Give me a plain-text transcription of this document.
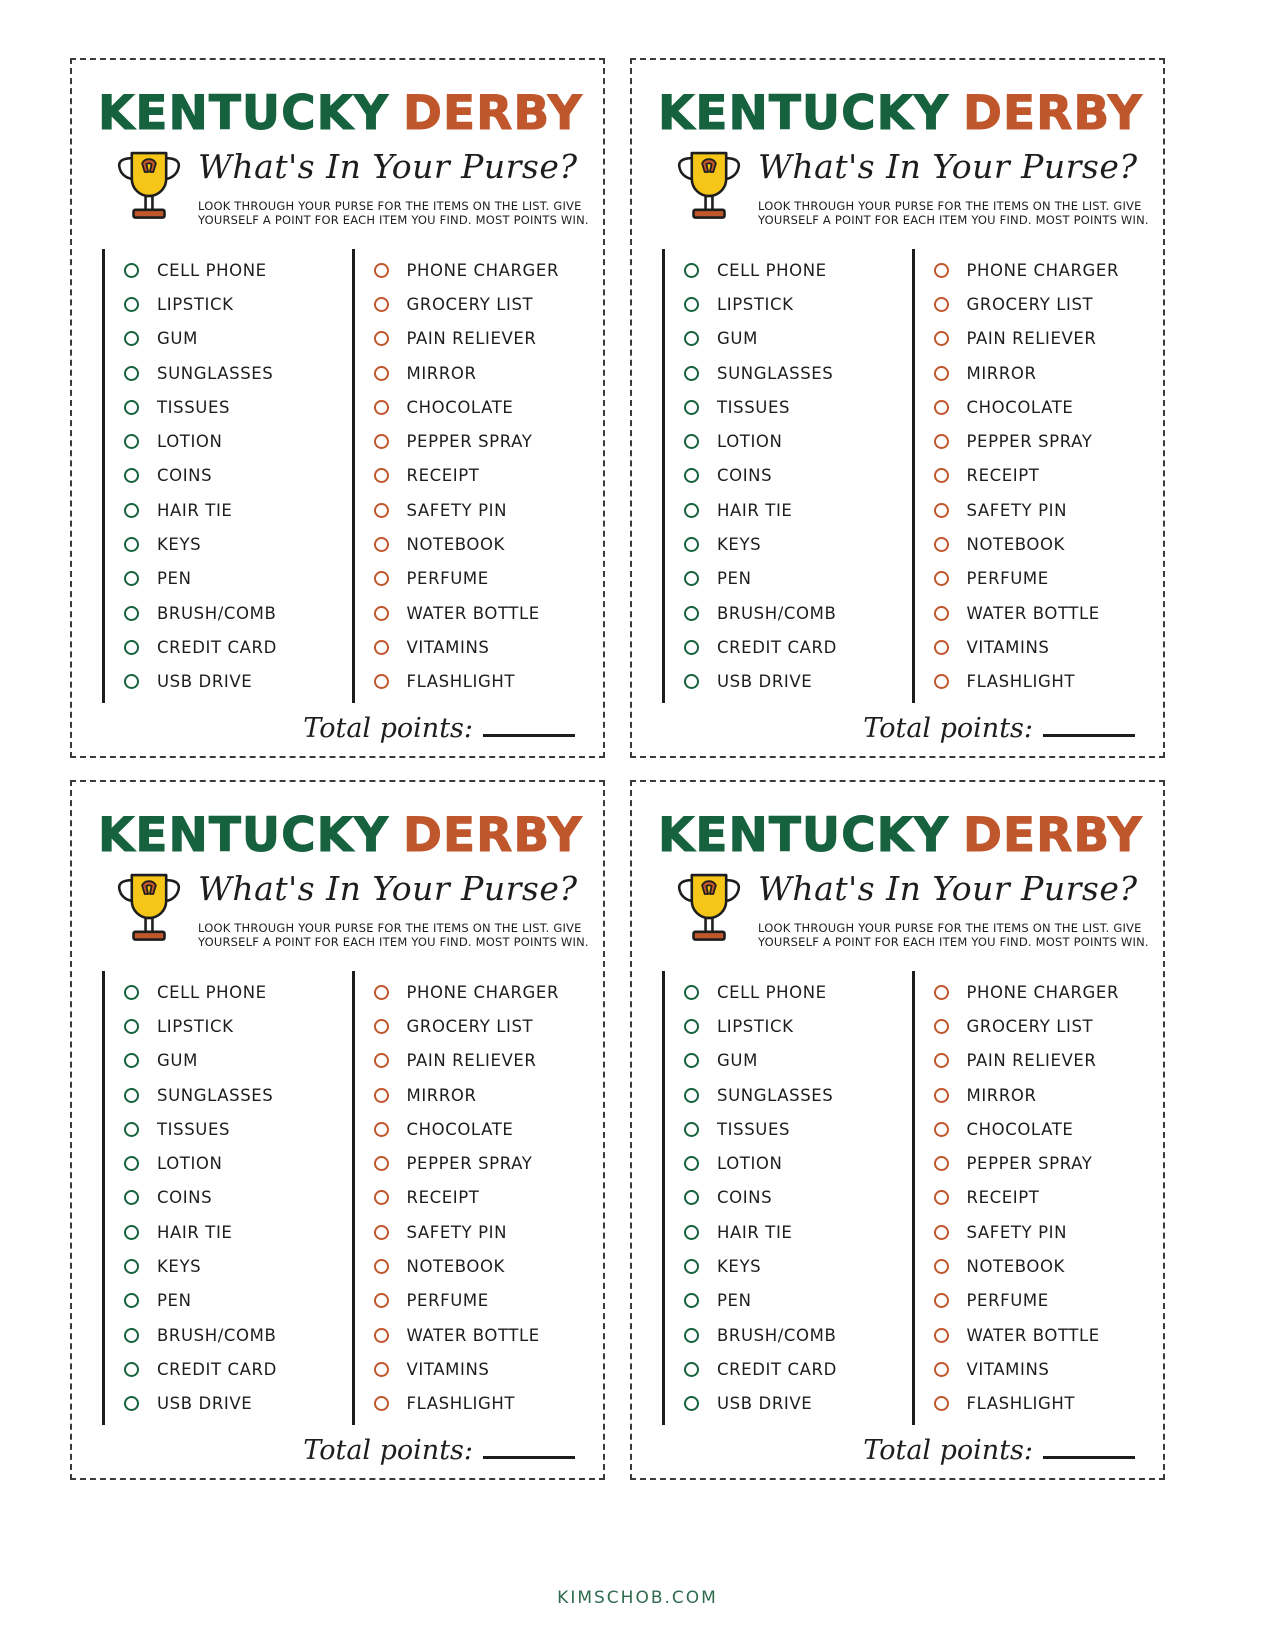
KENTUCKY DERBY
What's In Your Purse?
LOOK THROUGH YOUR PURSE FOR THE ITEMS ON THE LIST. GIVE YOURSELF A POINT FOR EACH ITEM YOU FIND. MOST POINTS WIN.
CELL PHONE
LIPSTICK
GUM
SUNGLASSES
TISSUES
LOTION
COINS
HAIR TIE
KEYS
PEN
BRUSH/COMB
CREDIT CARD
USB DRIVE
PHONE CHARGER
GROCERY LIST
PAIN RELIEVER
MIRROR
CHOCOLATE
PEPPER SPRAY
RECEIPT
SAFETY PIN
NOTEBOOK
PERFUME
WATER BOTTLE
VITAMINS
FLASHLIGHT
Total points:
KENTUCKY DERBY
What's In Your Purse?
LOOK THROUGH YOUR PURSE FOR THE ITEMS ON THE LIST. GIVE YOURSELF A POINT FOR EACH ITEM YOU FIND. MOST POINTS WIN.
CELL PHONE
LIPSTICK
GUM
SUNGLASSES
TISSUES
LOTION
COINS
HAIR TIE
KEYS
PEN
BRUSH/COMB
CREDIT CARD
USB DRIVE
PHONE CHARGER
GROCERY LIST
PAIN RELIEVER
MIRROR
CHOCOLATE
PEPPER SPRAY
RECEIPT
SAFETY PIN
NOTEBOOK
PERFUME
WATER BOTTLE
VITAMINS
FLASHLIGHT
Total points:
KENTUCKY DERBY
What's In Your Purse?
LOOK THROUGH YOUR PURSE FOR THE ITEMS ON THE LIST. GIVE YOURSELF A POINT FOR EACH ITEM YOU FIND. MOST POINTS WIN.
CELL PHONE
LIPSTICK
GUM
SUNGLASSES
TISSUES
LOTION
COINS
HAIR TIE
KEYS
PEN
BRUSH/COMB
CREDIT CARD
USB DRIVE
PHONE CHARGER
GROCERY LIST
PAIN RELIEVER
MIRROR
CHOCOLATE
PEPPER SPRAY
RECEIPT
SAFETY PIN
NOTEBOOK
PERFUME
WATER BOTTLE
VITAMINS
FLASHLIGHT
Total points:
KENTUCKY DERBY
What's In Your Purse?
LOOK THROUGH YOUR PURSE FOR THE ITEMS ON THE LIST. GIVE YOURSELF A POINT FOR EACH ITEM YOU FIND. MOST POINTS WIN.
CELL PHONE
LIPSTICK
GUM
SUNGLASSES
TISSUES
LOTION
COINS
HAIR TIE
KEYS
PEN
BRUSH/COMB
CREDIT CARD
USB DRIVE
PHONE CHARGER
GROCERY LIST
PAIN RELIEVER
MIRROR
CHOCOLATE
PEPPER SPRAY
RECEIPT
SAFETY PIN
NOTEBOOK
PERFUME
WATER BOTTLE
VITAMINS
FLASHLIGHT
Total points:
KIMSCHOB.COM
